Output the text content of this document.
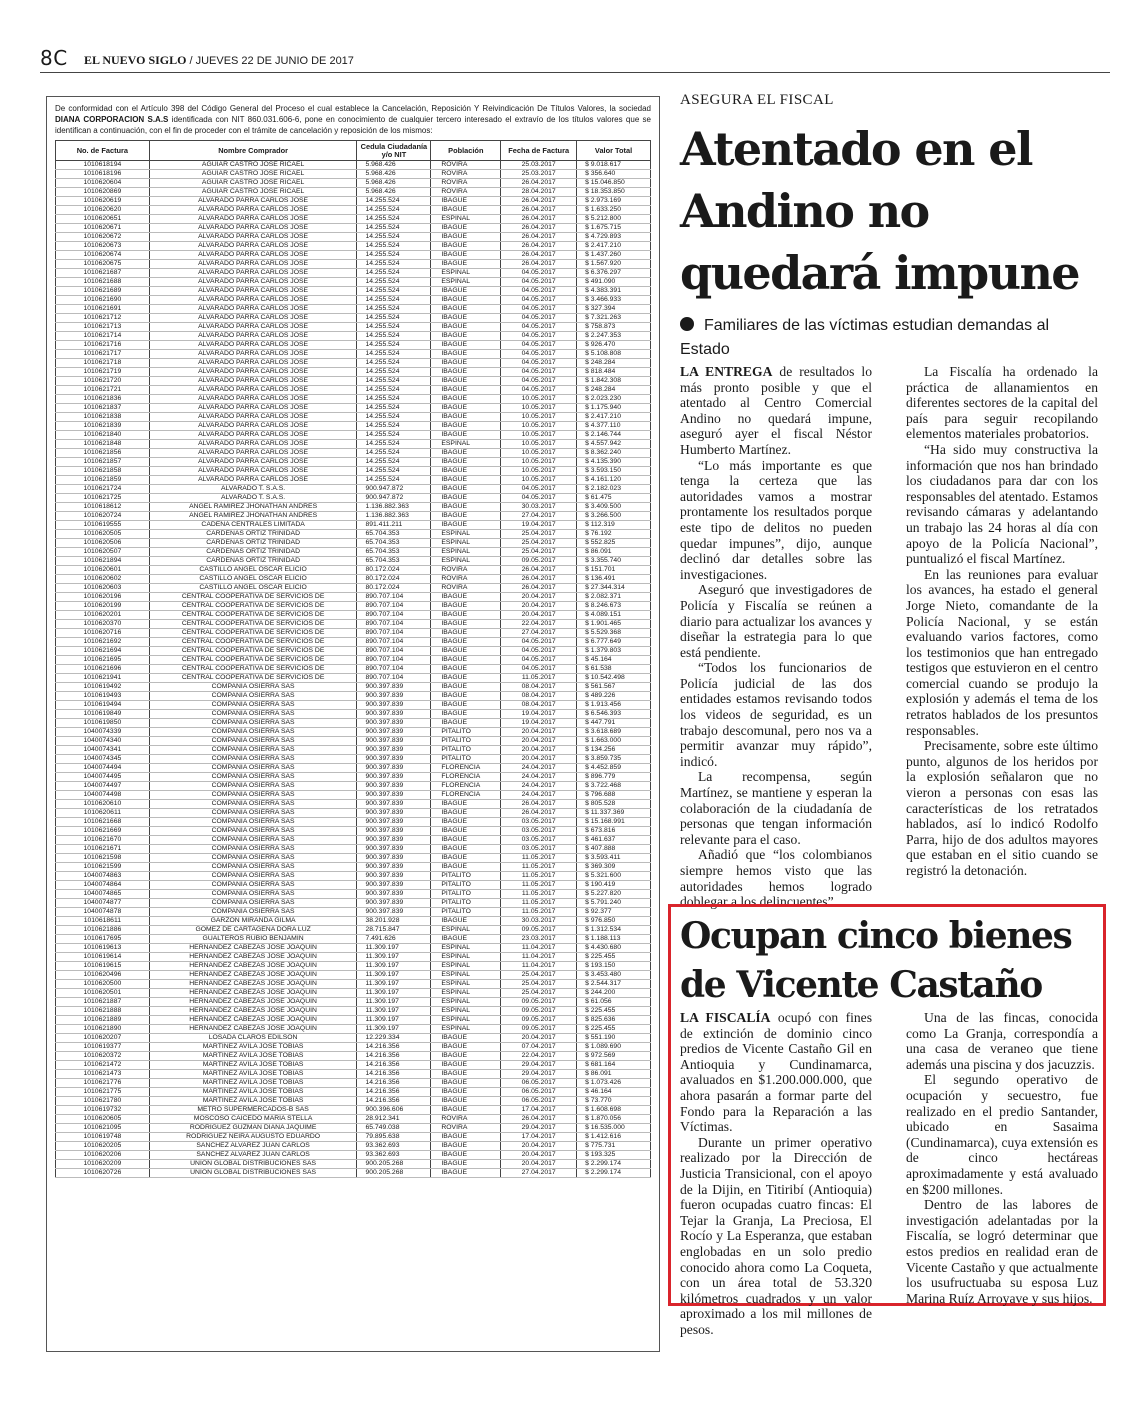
8C EL NUEVO SIGLO / JUEVES 22 DE JUNIO DE 2017

De conformidad con el Artículo 398 del Código General del Proceso el cual establece la Cancelación, Reposición Y Reivindicación De Títulos Valores, la sociedad DIANA CORPORACION S.A.S identificada con NIT 860.031.606-6, pone en conocimiento de cualquier tercero interesado el extravío de los títulos valores que se identifican a continuación, con el fin de proceder con el trámite de cancelación y reposición de los mismos:

No. de Factura	Nombre Comprador	Cedula Ciudadanía y/o NIT	Población	Fecha de Factura	Valor Total
1010618194	AGUIAR CASTRO JOSE RICAEL	5.968.426	ROVIRA	25.03.2017	$ 9.018.617
1010618196	AGUIAR CASTRO JOSE RICAEL	5.968.426	ROVIRA	25.03.2017	$ 356.640
1010620604	AGUIAR CASTRO JOSE RICAEL	5.968.426	ROVIRA	26.04.2017	$ 15.046.850
1010620869	AGUIAR CASTRO JOSE RICAEL	5.968.426	ROVIRA	28.04.2017	$ 18.353.850
1010620619	ALVARADO PARRA CARLOS JOSE	14.255.524	IBAGUE	26.04.2017	$ 2.973.169
1010620620	ALVARADO PARRA CARLOS JOSE	14.255.524	IBAGUE	26.04.2017	$ 1.633.250
1010620651	ALVARADO PARRA CARLOS JOSE	14.255.524	ESPINAL	26.04.2017	$ 5.212.800
1010620671	ALVARADO PARRA CARLOS JOSE	14.255.524	IBAGUE	26.04.2017	$ 1.675.715
1010620672	ALVARADO PARRA CARLOS JOSE	14.255.524	IBAGUE	26.04.2017	$ 4.729.893
1010620673	ALVARADO PARRA CARLOS JOSE	14.255.524	IBAGUE	26.04.2017	$ 2.417.210
1010620674	ALVARADO PARRA CARLOS JOSE	14.255.524	IBAGUE	26.04.2017	$ 1.437.260
1010620675	ALVARADO PARRA CARLOS JOSE	14.255.524	IBAGUE	26.04.2017	$ 1.567.920
1010621687	ALVARADO PARRA CARLOS JOSE	14.255.524	ESPINAL	04.05.2017	$ 6.376.297
1010621688	ALVARADO PARRA CARLOS JOSE	14.255.524	ESPINAL	04.05.2017	$ 491.090
1010621689	ALVARADO PARRA CARLOS JOSE	14.255.524	IBAGUE	04.05.2017	$ 4.383.391
1010621690	ALVARADO PARRA CARLOS JOSE	14.255.524	IBAGUE	04.05.2017	$ 3.466.933
1010621691	ALVARADO PARRA CARLOS JOSE	14.255.524	IBAGUE	04.05.2017	$ 327.394
1010621712	ALVARADO PARRA CARLOS JOSE	14.255.524	IBAGUE	04.05.2017	$ 7.321.263
1010621713	ALVARADO PARRA CARLOS JOSE	14.255.524	IBAGUE	04.05.2017	$ 758.873
1010621714	ALVARADO PARRA CARLOS JOSE	14.255.524	IBAGUE	04.05.2017	$ 2.247.353
1010621716	ALVARADO PARRA CARLOS JOSE	14.255.524	IBAGUE	04.05.2017	$ 926.470
1010621717	ALVARADO PARRA CARLOS JOSE	14.255.524	IBAGUE	04.05.2017	$ 5.108.808
1010621718	ALVARADO PARRA CARLOS JOSE	14.255.524	IBAGUE	04.05.2017	$ 248.284
1010621719	ALVARADO PARRA CARLOS JOSE	14.255.524	IBAGUE	04.05.2017	$ 818.484
1010621720	ALVARADO PARRA CARLOS JOSE	14.255.524	IBAGUE	04.05.2017	$ 1.842.308
1010621721	ALVARADO PARRA CARLOS JOSE	14.255.524	IBAGUE	04.05.2017	$ 248.284
1010621836	ALVARADO PARRA CARLOS JOSE	14.255.524	IBAGUE	10.05.2017	$ 2.023.230
1010621837	ALVARADO PARRA CARLOS JOSE	14.255.524	IBAGUE	10.05.2017	$ 1.175.940
1010621838	ALVARADO PARRA CARLOS JOSE	14.255.524	IBAGUE	10.05.2017	$ 2.417.210
1010621839	ALVARADO PARRA CARLOS JOSE	14.255.524	IBAGUE	10.05.2017	$ 4.377.110
1010621840	ALVARADO PARRA CARLOS JOSE	14.255.524	IBAGUE	10.05.2017	$ 2.146.744
1010621848	ALVARADO PARRA CARLOS JOSE	14.255.524	ESPINAL	10.05.2017	$ 4.557.942
1010621856	ALVARADO PARRA CARLOS JOSE	14.255.524	IBAGUE	10.05.2017	$ 8.362.240
1010621857	ALVARADO PARRA CARLOS JOSE	14.255.524	IBAGUE	10.05.2017	$ 4.135.390
1010621858	ALVARADO PARRA CARLOS JOSE	14.255.524	IBAGUE	10.05.2017	$ 3.593.150
1010621859	ALVARADO PARRA CARLOS JOSE	14.255.524	IBAGUE	10.05.2017	$ 4.161.120
1010621724	ALVARADO T. S.A.S.	900.947.872	IBAGUE	04.05.2017	$ 2.182.023
1010621725	ALVARADO T. S.A.S.	900.947.872	IBAGUE	04.05.2017	$ 61.475
1010618612	ANGEL RAMIREZ JHONATHAN ANDRES	1.136.882.363	IBAGUE	30.03.2017	$ 3.409.500
1010620724	ANGEL RAMIREZ JHONATHAN ANDRES	1.136.882.363	IBAGUE	27.04.2017	$ 3.266.500
1010619555	CADENA CENTRALES LIMITADA	891.411.211	IBAGUE	19.04.2017	$ 112.319
1010620505	CARDENAS ORTIZ TRINIDAD	65.704.353	ESPINAL	25.04.2017	$ 76.192
1010620506	CARDENAS ORTIZ TRINIDAD	65.704.353	ESPINAL	25.04.2017	$ 552.825
1010620507	CARDENAS ORTIZ TRINIDAD	65.704.353	ESPINAL	25.04.2017	$ 86.091
1010621894	CARDENAS ORTIZ TRINIDAD	65.704.353	ESPINAL	09.05.2017	$ 3.355.740
1010620601	CASTILLO ANGEL OSCAR ELICIO	80.172.024	ROVIRA	26.04.2017	$ 151.701
1010620602	CASTILLO ANGEL OSCAR ELICIO	80.172.024	ROVIRA	26.04.2017	$ 136.491
1010620603	CASTILLO ANGEL OSCAR ELICIO	80.172.024	ROVIRA	26.04.2017	$ 27.344.314
1010620196	CENTRAL COOPERATIVA DE SERVICIOS DE	890.707.104	IBAGUE	20.04.2017	$ 2.082.371
1010620199	CENTRAL COOPERATIVA DE SERVICIOS DE	890.707.104	IBAGUE	20.04.2017	$ 8.246.673
1010620201	CENTRAL COOPERATIVA DE SERVICIOS DE	890.707.104	IBAGUE	20.04.2017	$ 4.089.151
1010620370	CENTRAL COOPERATIVA DE SERVICIOS DE	890.707.104	IBAGUE	22.04.2017	$ 1.901.465
1010620716	CENTRAL COOPERATIVA DE SERVICIOS DE	890.707.104	IBAGUE	27.04.2017	$ 5.529.368
1010621692	CENTRAL COOPERATIVA DE SERVICIOS DE	890.707.104	IBAGUE	04.05.2017	$ 6.777.649
1010621694	CENTRAL COOPERATIVA DE SERVICIOS DE	890.707.104	IBAGUE	04.05.2017	$ 1.379.803
1010621695	CENTRAL COOPERATIVA DE SERVICIOS DE	890.707.104	IBAGUE	04.05.2017	$ 45.164
1010621696	CENTRAL COOPERATIVA DE SERVICIOS DE	890.707.104	IBAGUE	04.05.2017	$ 61.538
1010621941	CENTRAL COOPERATIVA DE SERVICIOS DE	890.707.104	IBAGUE	11.05.2017	$ 10.542.498
1010619492	COMPAÑIA OSIERRA SAS	900.397.839	IBAGUE	08.04.2017	$ 561.567
1010619493	COMPAÑIA OSIERRA SAS	900.397.839	IBAGUE	08.04.2017	$ 489.226
1010619494	COMPAÑIA OSIERRA SAS	900.397.839	IBAGUE	08.04.2017	$ 1.913.456
1010619849	COMPAÑIA OSIERRA SAS	900.397.839	IBAGUE	19.04.2017	$ 6.546.393
1010619850	COMPAÑIA OSIERRA SAS	900.397.839	IBAGUE	19.04.2017	$ 447.791
1040074339	COMPAÑIA OSIERRA SAS	900.397.839	PITALITO	20.04.2017	$ 3.618.689
1040074340	COMPAÑIA OSIERRA SAS	900.397.839	PITALITO	20.04.2017	$ 1.663.000
1040074341	COMPAÑIA OSIERRA SAS	900.397.839	PITALITO	20.04.2017	$ 134.256
1040074345	COMPAÑIA OSIERRA SAS	900.397.839	PITALITO	20.04.2017	$ 3.859.735
1040074494	COMPAÑIA OSIERRA SAS	900.397.839	FLORENCIA	24.04.2017	$ 4.452.859
1040074495	COMPAÑIA OSIERRA SAS	900.397.839	FLORENCIA	24.04.2017	$ 896.779
1040074497	COMPAÑIA OSIERRA SAS	900.397.839	FLORENCIA	24.04.2017	$ 3.722.468
1040074498	COMPAÑIA OSIERRA SAS	900.397.839	FLORENCIA	24.04.2017	$ 796.688
1010620610	COMPAÑIA OSIERRA SAS	900.397.839	IBAGUE	26.04.2017	$ 805.528
1010620611	COMPAÑIA OSIERRA SAS	900.397.839	IBAGUE	26.04.2017	$ 11.337.369
1010621668	COMPAÑIA OSIERRA SAS	900.397.839	IBAGUE	03.05.2017	$ 15.168.991
1010621669	COMPAÑIA OSIERRA SAS	900.397.839	IBAGUE	03.05.2017	$ 673.816
1010621670	COMPAÑIA OSIERRA SAS	900.397.839	IBAGUE	03.05.2017	$ 461.637
1010621671	COMPAÑIA OSIERRA SAS	900.397.839	IBAGUE	03.05.2017	$ 407.888
1010621598	COMPAÑIA OSIERRA SAS	900.397.839	IBAGUE	11.05.2017	$ 3.593.411
1010621599	COMPAÑIA OSIERRA SAS	900.397.839	IBAGUE	11.05.2017	$ 369.309
1040074863	COMPAÑIA OSIERRA SAS	900.397.839	PITALITO	11.05.2017	$ 5.321.600
1040074864	COMPAÑIA OSIERRA SAS	900.397.839	PITALITO	11.05.2017	$ 190.419
1040074865	COMPAÑIA OSIERRA SAS	900.397.839	PITALITO	11.05.2017	$ 5.227.820
1040074877	COMPAÑIA OSIERRA SAS	900.397.839	PITALITO	11.05.2017	$ 5.791.240
1040074878	COMPAÑIA OSIERRA SAS	900.397.839	PITALITO	11.05.2017	$ 92.377
1010618611	GARZON MIRANDA GILMA	38.201.928	IBAGUE	30.03.2017	$ 976.850
1010621886	GOMEZ DE CARTAGENA DORA LUZ	28.715.847	ESPINAL	09.05.2017	$ 1.312.534
1010617695	GUALTEROS RUBIO BENJAMIN	7.491.626	IBAGUE	23.03.2017	$ 1.188.113
1010619613	HERNANDEZ CABEZAS JOSE JOAQUIN	11.309.197	ESPINAL	11.04.2017	$ 4.430.680
1010619614	HERNANDEZ CABEZAS JOSE JOAQUIN	11.309.197	ESPINAL	11.04.2017	$ 225.455
1010619615	HERNANDEZ CABEZAS JOSE JOAQUIN	11.309.197	ESPINAL	11.04.2017	$ 193.150
1010620496	HERNANDEZ CABEZAS JOSE JOAQUIN	11.309.197	ESPINAL	25.04.2017	$ 3.453.480
1010620500	HERNANDEZ CABEZAS JOSE JOAQUIN	11.309.197	ESPINAL	25.04.2017	$ 2.544.317
1010620501	HERNANDEZ CABEZAS JOSE JOAQUIN	11.309.197	ESPINAL	25.04.2017	$ 244.200
1010621887	HERNANDEZ CABEZAS JOSE JOAQUIN	11.309.197	ESPINAL	09.05.2017	$ 61.056
1010621888	HERNANDEZ CABEZAS JOSE JOAQUIN	11.309.197	ESPINAL	09.05.2017	$ 225.455
1010621889	HERNANDEZ CABEZAS JOSE JOAQUIN	11.309.197	ESPINAL	09.05.2017	$ 825.636
1010621890	HERNANDEZ CABEZAS JOSE JOAQUIN	11.309.197	ESPINAL	09.05.2017	$ 225.455
1010620207	LOSADA CLAROS EDILSON	12.229.334	IBAGUE	20.04.2017	$ 551.190
1010619377	MARTINEZ AVILA JOSE TOBIAS	14.216.356	IBAGUE	07.04.2017	$ 1.089.690
1010620372	MARTINEZ AVILA JOSE TOBIAS	14.216.356	IBAGUE	22.04.2017	$ 972.569
1010621472	MARTINEZ AVILA JOSE TOBIAS	14.216.356	IBAGUE	29.04.2017	$ 681.164
1010621473	MARTINEZ AVILA JOSE TOBIAS	14.216.356	IBAGUE	29.04.2017	$ 86.091
1010621776	MARTINEZ AVILA JOSE TOBIAS	14.216.356	IBAGUE	06.05.2017	$ 1.073.426
1010621775	MARTINEZ AVILA JOSE TOBIAS	14.216.356	IBAGUE	06.05.2017	$ 46.164
1010621780	MARTINEZ AVILA JOSE TOBIAS	14.216.356	IBAGUE	06.05.2017	$ 73.770
1010619732	METRO SUPERMERCADOS-B SAS	900.396.606	IBAGUE	17.04.2017	$ 1.608.698
1010620605	MOSCOSO CAICEDO MARIA STELLA	28.912.341	ROVIRA	26.04.2017	$ 1.870.056
1010621095	RODRIGUEZ GUZMAN DIANA JAQUIME	65.749.038	ROVIRA	29.04.2017	$ 16.535.000
1010619748	RODRIGUEZ NEIRA AUGUSTO EDUARDO	79.895.638	IBAGUE	17.04.2017	$ 1.412.616
1010620205	SANCHEZ ALVAREZ JUAN CARLOS	93.362.693	IBAGUE	20.04.2017	$ 775.731
1010620206	SANCHEZ ALVAREZ JUAN CARLOS	93.362.693	IBAGUE	20.04.2017	$ 193.325
1010620209	UNION GLOBAL DISTRIBUCIONES SAS	900.205.268	IBAGUE	20.04.2017	$ 2.299.174
1010620726	UNION GLOBAL DISTRIBUCIONES SAS	900.205.268	IBAGUE	27.04.2017	$ 2.299.174
ASEGURA EL FISCAL
Atentado en el Andino no quedará impune
Familiares de las víctimas estudian demandas al Estado

LA ENTREGA de resultados lo más pronto posible y que el atentado al Centro Comercial Andino no quedará impune, aseguró ayer el fiscal Néstor Humberto Martínez.

“Lo más importante es que tenga la certeza que las autoridades vamos a mostrar prontamente los resultados porque este tipo de delitos no pueden quedar impunes”, dijo, aunque declinó dar detalles sobre las investigaciones.

Aseguró que investigadores de Policía y Fiscalía se reúnen a diario para actualizar los avances y diseñar la estrategia para lo que está pendiente.

“Todos los funcionarios de Policía judicial de las dos entidades estamos revisando todos los videos de seguridad, es un trabajo descomunal, pero nos va a permitir avanzar muy rápido”, indicó.

La recompensa, según Martínez, se mantiene y esperan la colaboración de la ciudadanía de personas que tengan información relevante para el caso.

Añadió que “los colombianos siempre hemos visto que las autoridades hemos logrado doblegar a los delincuentes”.

La Fiscalía ha ordenado la práctica de allanamientos en diferentes sectores de la capital del país para seguir recopilando elementos materiales probatorios.

“Ha sido muy constructiva la información que nos han brindado los ciudadanos para dar con los responsables del atentado. Estamos revisando cámaras y adelantando un trabajo las 24 horas al día con apoyo de la Policía Nacional”, puntualizó el fiscal Martínez.

En las reuniones para evaluar los avances, ha estado el general Jorge Nieto, comandante de la Policía Nacional, y se están evaluando varios factores, como los testimonios que han entregado testigos que estuvieron en el centro comercial cuando se produjo la explosión y además el tema de los retratos hablados de los presuntos responsables.

Precisamente, sobre este último punto, algunos de los heridos por la explosión señalaron que no vieron a personas con esas las características de los retratados hablados, así lo indicó Rodolfo Parra, hijo de dos adultos mayores que estaban en el sitio cuando se registró la detonación.

Ocupan cinco bienes de Vicente Castaño

LA FISCALÍA ocupó con fines de extinción de dominio cinco predios de Vicente Castaño Gil en Antioquia y Cundinamarca, avaluados en $1.200.000.000, que ahora pasarán a formar parte del Fondo para la Reparación a las Víctimas.

Durante un primer operativo realizado por la Dirección de Justicia Transicional, con el apoyo de la Dijin, en Titiribí (Antioquia) fueron ocupadas cuatro fincas: El Tejar la Granja, La Preciosa, El Rocío y La Esperanza, que estaban englobadas en un solo predio conocido ahora como La Coqueta, con un área total de 53.320 kilómetros cuadrados y un valor aproximado a los mil millones de pesos.

Una de las fincas, conocida como La Granja, correspondía a una casa de veraneo que tiene además una piscina y dos jacuzzis.

El segundo operativo de ocupación y secuestro, fue realizado en el predio Santander, ubicado en Sasaima (Cundinamarca), cuya extensión es de cinco hectáreas aproximadamente y está avaluado en $200 millones.

Dentro de las labores de investigación adelantadas por la Fiscalía, se logró determinar que estos predios en realidad eran de Vicente Castaño y que actualmente los usufructuaba su esposa Luz Marina Ruíz Arroyave y sus hijos.
